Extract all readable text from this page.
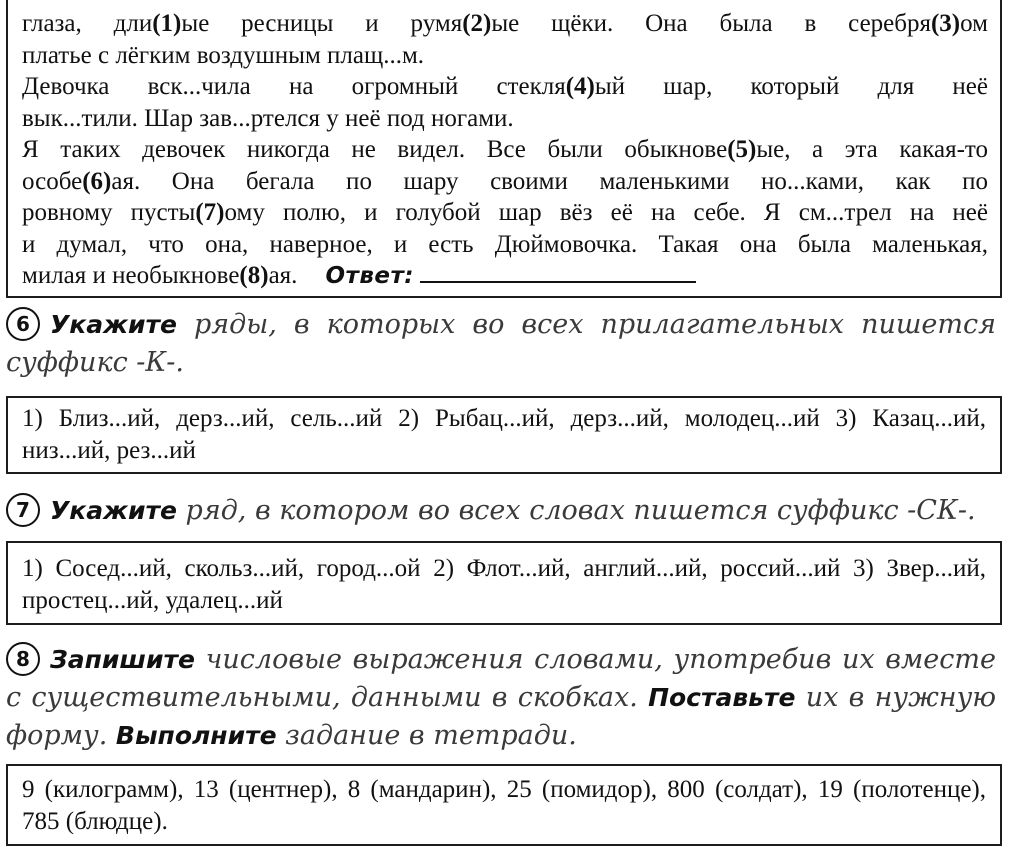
глаза, дли(1)ые ресницы и румя(2)ые щёки. Она была в серебря(3)ом
платье с лёгким воздушным плащ...м.
Девочка вск...чила на огромный стекля(4)ый шар, который для неё
вык...тили. Шар зав...ртелся у неё под ногами.
Я таких девочек никогда не видел. Все были обыкнове(5)ые, а эта какая-то
особе(6)ая. Она бегала по шару своими маленькими но...ками, как по
ровному пусты(7)ому полю, и голубой шар вёз её на себе. Я см...трел на неё
и думал, что она, наверное, и есть Дюймовочка. Такая она была маленькая,
милая и необыкнове(8)ая. Ответ:

6 Укажите ряды, в которых во всех прилагательных пишется суффикс -К-.

1) Близ...ий, дерз...ий, сель...ий 2) Рыбац...ий, дерз...ий, молодец...ий 3) Казац...ий, низ...ий, рез...ий

7 Укажите ряд, в котором во всех словах пишется суффикс -СК-.

1) Сосед...ий, скольз...ий, город...ой 2) Флот...ий, англий...ий, россий...ий 3) Звер...ий, простец...ий, удалец...ий

8 Запишите числовые выражения словами, употребив их вместе с существительными, данными в скобках. Поставьте их в нужную форму. Выполните задание в тетради.

9 (килограмм), 13 (центнер), 8 (мандарин), 25 (помидор), 800 (солдат), 19 (полотенце), 785 (блюдце).
